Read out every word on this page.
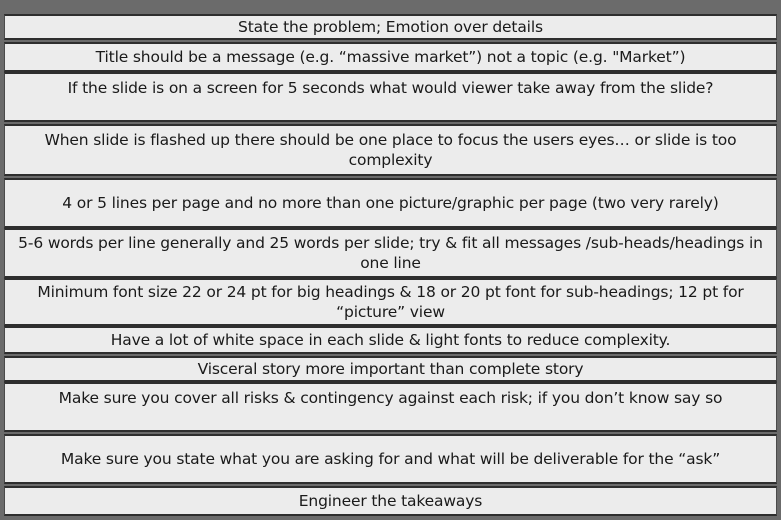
State the problem; Emotion over details
Title should be a message (e.g. “massive market”) not a topic (e.g. "Market”)
If the slide is on a screen for 5 seconds what would viewer take away from the slide?
When slide is flashed up there should be one place to focus the users eyes… or slide is too complexity
4 or 5 lines per page and no more than one picture/graphic per page (two very rarely)
5-6 words per line generally and 25 words per slide; try & fit all messages /sub-heads/headings in one line
Minimum font size 22 or 24 pt for big headings & 18 or 20 pt font for sub-headings; 12 pt for “picture” view
Have a lot of white space in each slide & light fonts to reduce complexity.
Visceral story more important than complete story
Make sure you cover all risks & contingency against each risk; if you don’t know say so
Make sure you state what you are asking for and what will be deliverable for the “ask”
Engineer the takeaways
